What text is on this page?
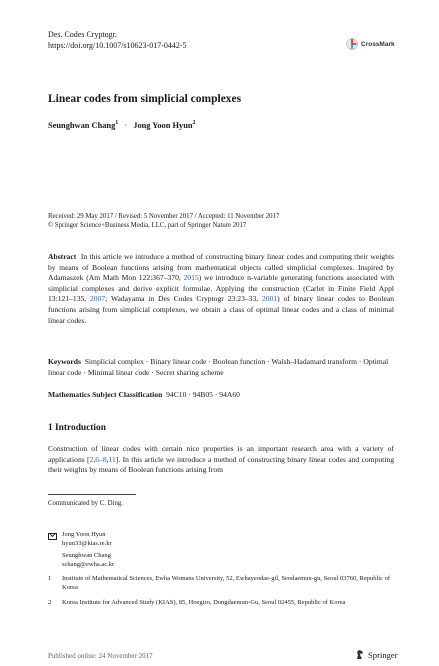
Des. Codes Cryptogr.
https://doi.org/10.1007/s10623-017-0442-5	CrossMark
Linear codes from simplicial complexes
Seunghwan Chang$^1$ · Jong Yoon Hyun$^2$
Received: 29 May 2017 / Revised: 5 November 2017 / Accepted: 11 November 2017
© Springer Science+Business Media, LLC, part of Springer Nature 2017
Abstract In this article we introduce a method of constructing binary linear codes and computing their weights by means of Boolean functions arising from mathematical objects called simplicial complexes. Inspired by Adamaszek (Am Math Mon 122:367–370, 2015) we introduce n-variable generating functions associated with simplicial complexes and derive explicit formulae. Applying the construction (Carlet in Finite Field Appl 13:121–135, 2007; Wadayama in Des Codes Cryptogr 23:23–33, 2001) of binary linear codes to Boolean functions arising from simplicial complexes, we obtain a class of optimal linear codes and a class of minimal linear codes.
Keywords Simplicial complex · Binary linear code · Boolean function · Walsh–Hadamard transform · Optimal linear code · Minimal linear code · Secret sharing scheme
Mathematics Subject Classification 94C10 · 94B05 · 94A60
1 Introduction
Construction of linear codes with certain nice properties is an important research area with a variety of applications [2,6–8,11]. In this article we introduce a method of constructing binary linear codes and computing their weights by means of Boolean functions arising from
Communicated by C. Ding.
Jong Yoon Hyun
hyun33@kias.re.kr
Seunghwan Chang
schang@ewha.ac.kr
1	Institute of Mathematical Sciences, Ewha Womans University, 52, Ewhayeodae-gil, Seodaemun-gu, Seoul 03760, Republic of Korea
2	Korea Institute for Advanced Study (KIAS), 85, Hoegiro, Dongdaemun-Gu, Seoul 02455, Republic of Korea
Published online: 24 November 2017	Springer
